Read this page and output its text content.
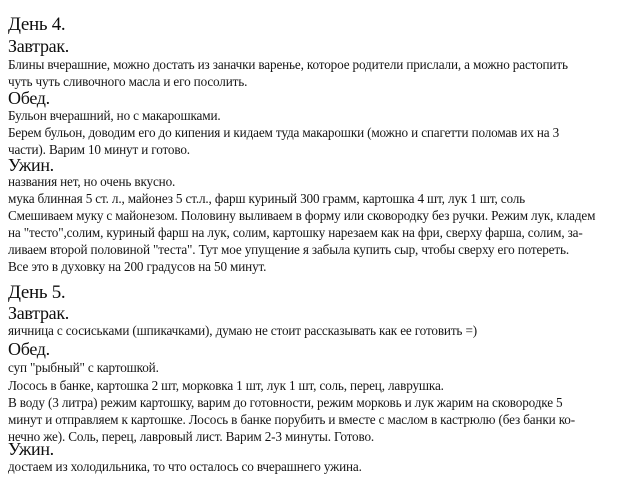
День 4.
Завтрак.
Блины вчерашние, можно достать из заначки варенье, которое родители прислали, а можно растопить
чуть чуть сливочного масла и его посолить.
Обед.
Бульон вчерашний, но с макарошками.
Берем бульон, доводим его до кипения и кидаем туда макарошки (можно и спагетти поломав их на 3
части). Варим 10 минут и готово.
Ужин.
названия нет, но очень вкусно.
мука блинная 5 ст. л., майонез 5 ст.л., фарш куриный 300 грамм, картошка 4 шт, лук 1 шт, соль
Смешиваем муку с майонезом. Половину выливаем в форму или сковородку без ручки. Режим лук, кладем
на "тесто",солим, куриный фарш на лук, солим, картошку нарезаем как на фри, сверху фарша, солим, за-
ливаем второй половиной "теста". Тут мое упущение я забыла купить сыр, чтобы сверху его потереть.
Все это в духовку на 200 градусов на 50 минут.
День 5.
Завтрак.
яичница с сосиськами (шпикачками), думаю не стоит рассказывать как ее готовить =)
Обед.
суп "рыбный" с картошкой.
Лосось в банке, картошка 2 шт, морковка 1 шт, лук 1 шт, соль, перец, лаврушка.
В воду (3 литра) режим картошку, варим до готовности, режим морковь и лук жарим на сковородке 5
минут и отправляем к картошке. Лосось в банке порубить и вместе с маслом в кастрюлю (без банки ко-
нечно же). Соль, перец, лавровый лист. Варим 2-3 минуты. Готово.
Ужин.
достаем из холодильника, то что осталось со вчерашнего ужина.
